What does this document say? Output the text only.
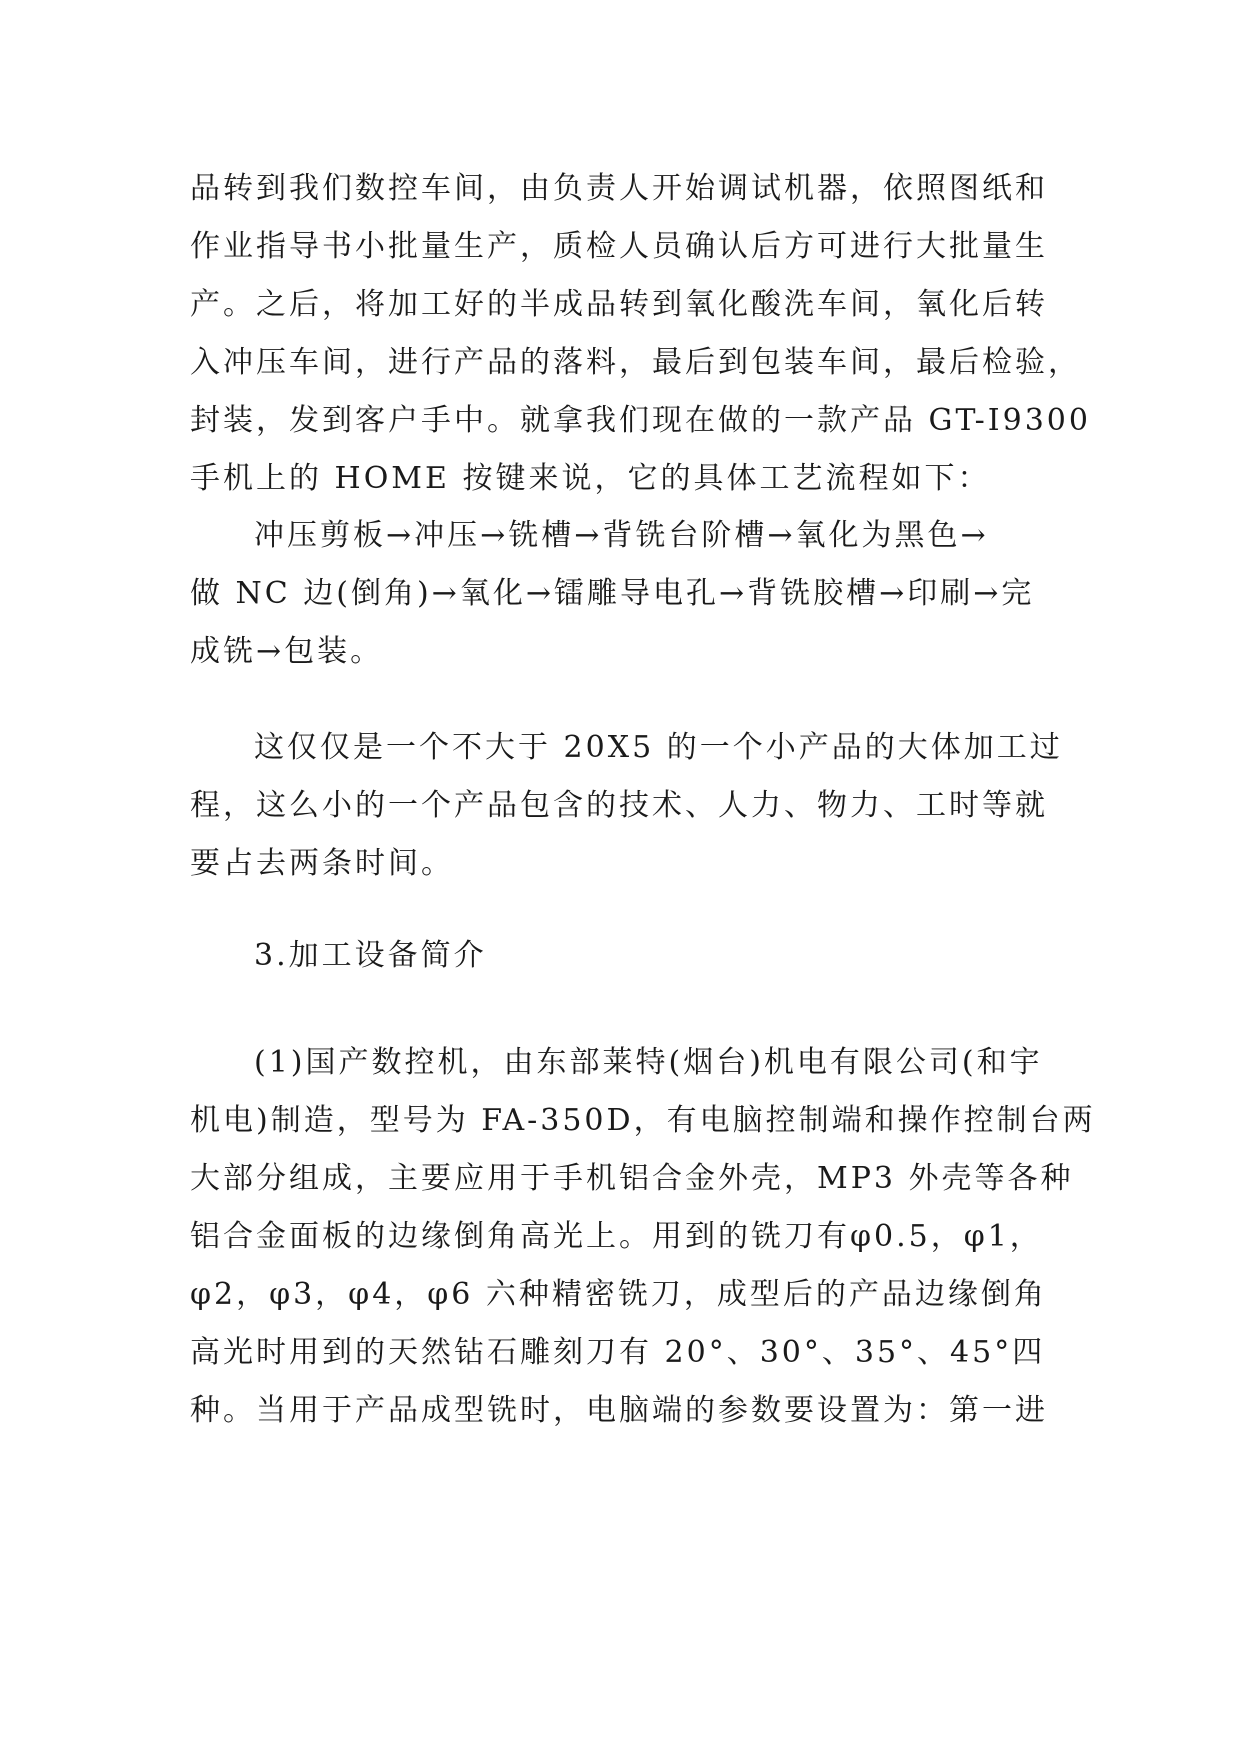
品转到我们数控车间，由负责人开始调试机器，依照图纸和
作业指导书小批量生产，质检人员确认后方可进行大批量生
产。之后，将加工好的半成品转到氧化酸洗车间，氧化后转
入冲压车间，进行产品的落料，最后到包装车间，最后检验，
封装，发到客户手中。就拿我们现在做的一款产品 GT-I9300
手机上的 HOME 按键来说，它的具体工艺流程如下：
冲压剪板→冲压→铣槽→背铣台阶槽→氧化为黑色→
做 NC 边(倒角)→氧化→镭雕导电孔→背铣胶槽→印刷→完
成铣→包装。
这仅仅是一个不大于 20X5 的一个小产品的大体加工过
程，这么小的一个产品包含的技术、人力、物力、工时等就
要占去两条时间。
3.加工设备简介
(1)国产数控机，由东部莱特(烟台)机电有限公司(和宇
机电)制造，型号为 FA-350D，有电脑控制端和操作控制台两
大部分组成，主要应用于手机铝合金外壳，MP3 外壳等各种
铝合金面板的边缘倒角高光上。用到的铣刀有φ0.5，φ1，
φ2，φ3，φ4，φ6 六种精密铣刀，成型后的产品边缘倒角
高光时用到的天然钻石雕刻刀有 20°、30°、35°、45°四
种。当用于产品成型铣时，电脑端的参数要设置为：第一进
